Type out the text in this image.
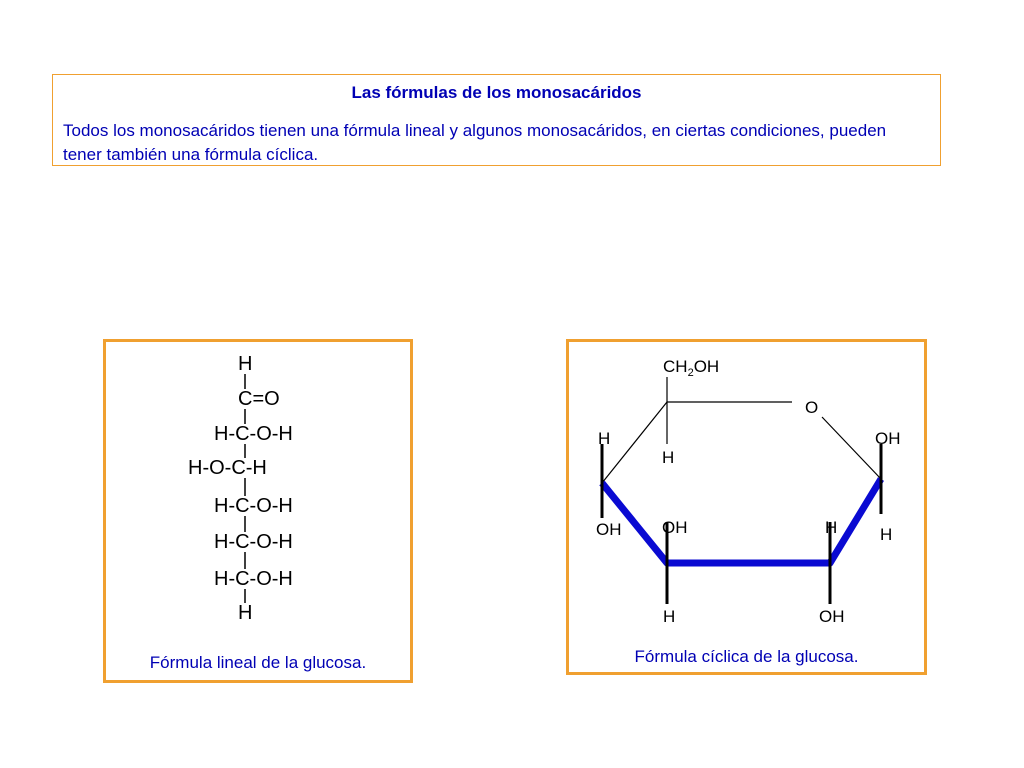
Las fórmulas de los monosacáridos
Todos los monosacáridos tienen una fórmula lineal y algunos monosacáridos, en ciertas condiciones, pueden tener también una fórmula cíclica.
H
C=O
H-C-O-H
H-O-C-H
H-C-O-H
H-C-O-H
H-C-O-H
H
Fórmula lineal de la glucosa.
$CH_2OH$
O
H
H
OH OH
H
H
OH
OH
H
Fórmula cíclica de la glucosa.
